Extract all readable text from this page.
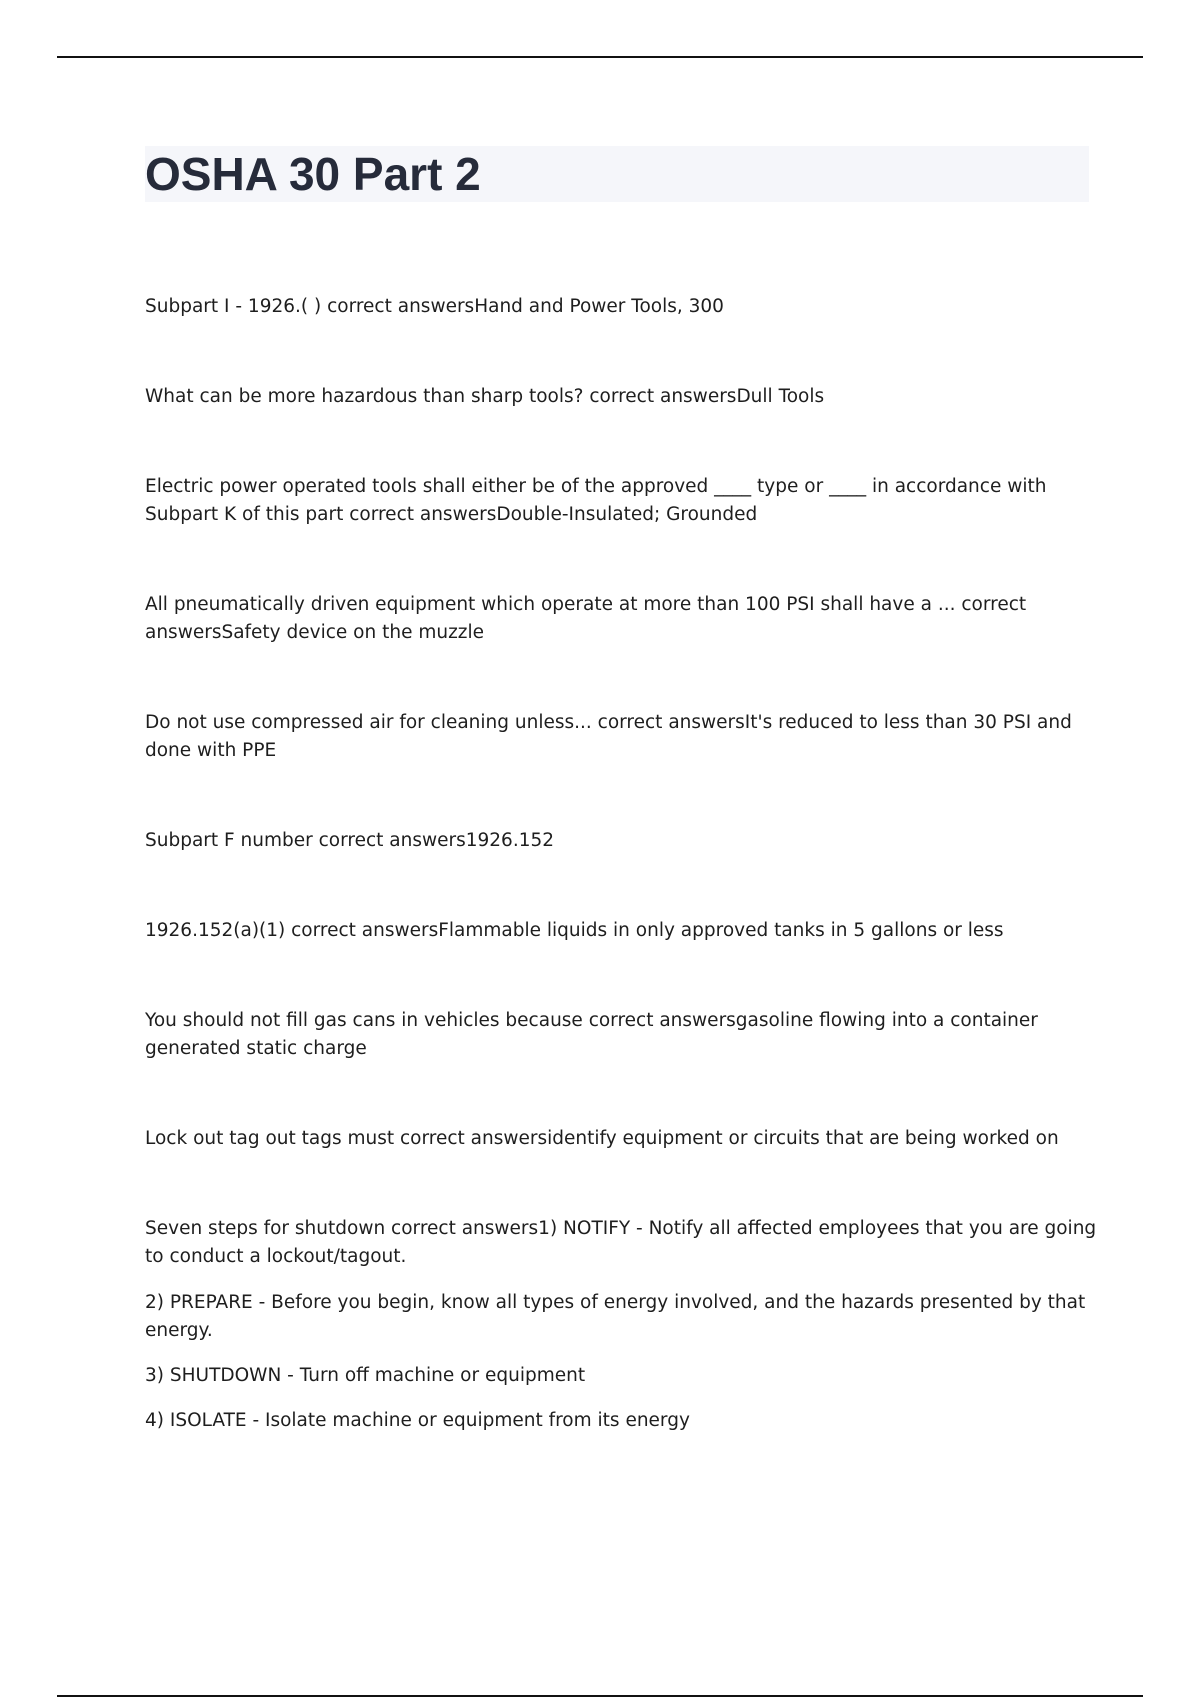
OSHA 30 Part 2

Subpart I - 1926.( ) correct answersHand and Power Tools, 300

What can be more hazardous than sharp tools? correct answersDull Tools

Electric power operated tools shall either be of the approved ____ type or ____ in accordance with Subpart K of this part correct answersDouble-Insulated; Grounded

All pneumatically driven equipment which operate at more than 100 PSI shall have a ... correct answersSafety device on the muzzle

Do not use compressed air for cleaning unless... correct answersIt's reduced to less than 30 PSI and done with PPE

Subpart F number correct answers1926.152

1926.152(a)(1) correct answersFlammable liquids in only approved tanks in 5 gallons or less

You should not fill gas cans in vehicles because correct answersgasoline flowing into a container generated static charge

Lock out tag out tags must correct answersidentify equipment or circuits that are being worked on

Seven steps for shutdown correct answers1) NOTIFY - Notify all affected employees that you are going to conduct a lockout/tagout.

2) PREPARE - Before you begin, know all types of energy involved, and the hazards presented by that energy.

3) SHUTDOWN - Turn off machine or equipment

4) ISOLATE - Isolate machine or equipment from its energy
